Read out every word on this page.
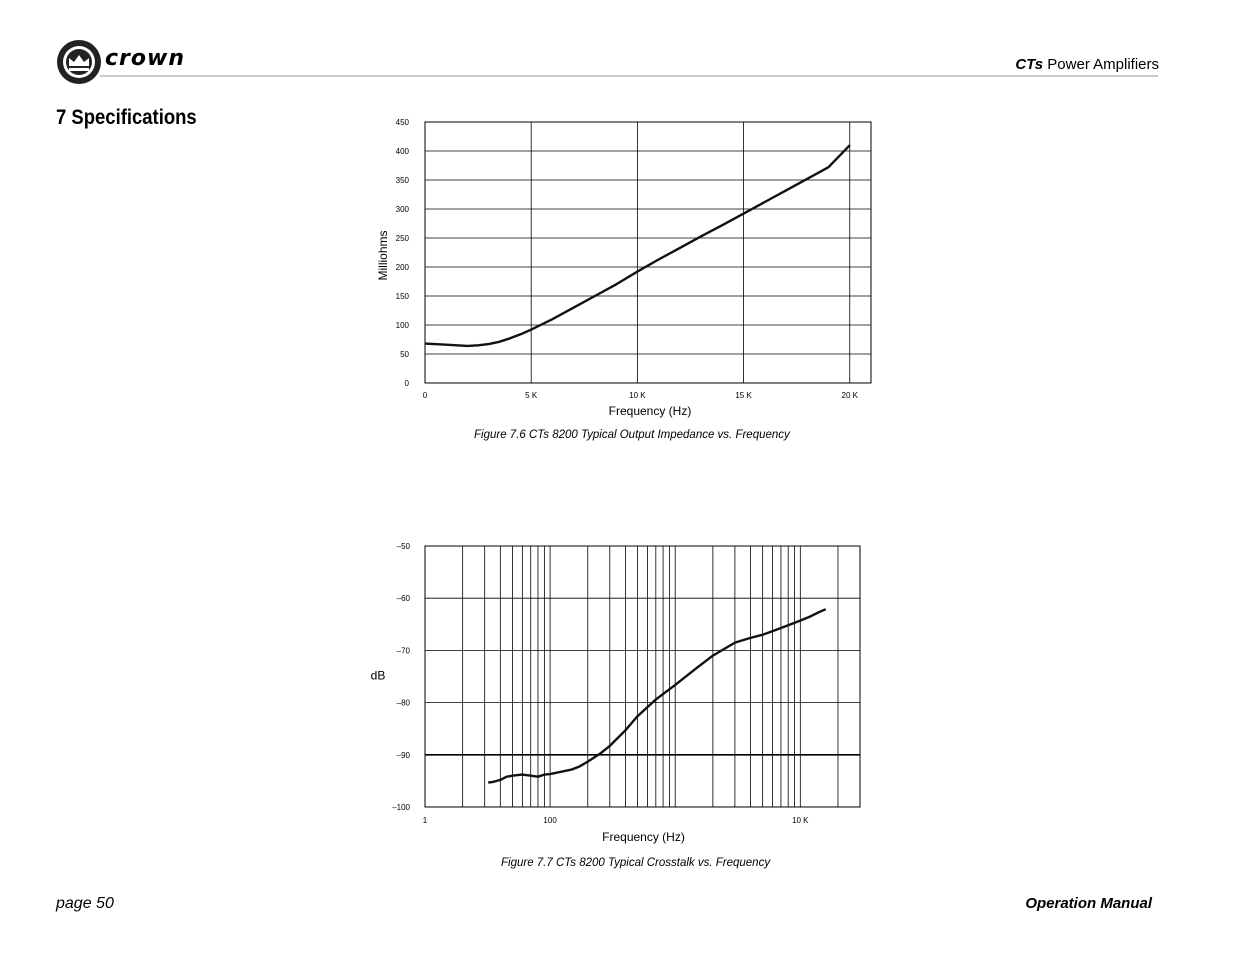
crown	CTs Power Amplifiers
7 Specifications
0
50
100
150
200
250
300
350
400
450
0	5 K	10 K	15 K	20 K
Frequency (Hz)
Milliohms
Figure 7.6 CTs 8200 Typical Output Impedance vs. Frequency
–100
–90
–80
–70
–60
–50
1	100	10 K
Frequency (Hz)
dB
Figure 7.7 CTs 8200 Typical Crosstalk vs. Frequency
page 50	Operation Manual
